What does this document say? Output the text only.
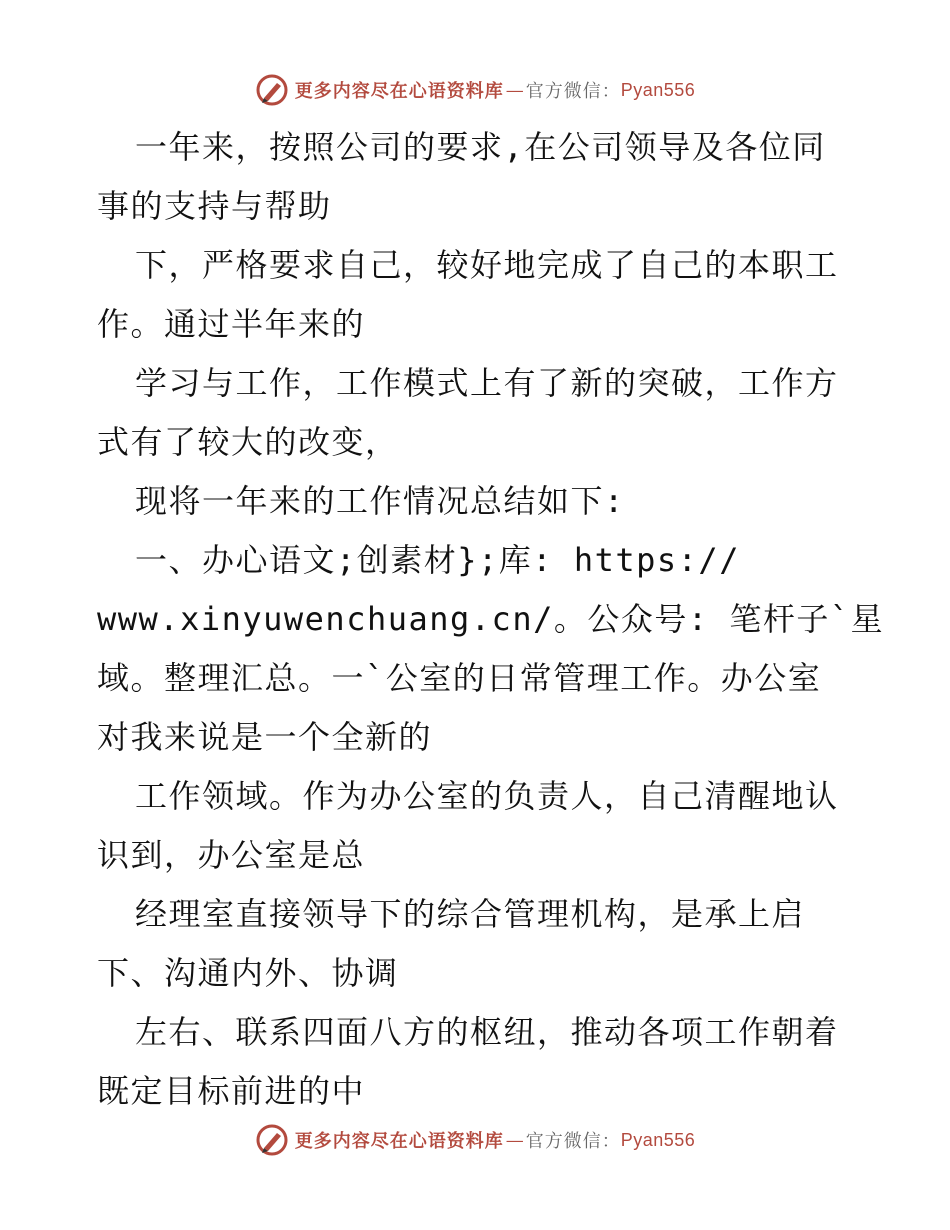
更多内容尽在心语资料库 — 官方微信： Pyan556
一年来，按照公司的要求,在公司领导及各位同
事的支持与帮助
下，严格要求自己，较好地完成了自己的本职工
作。通过半年来的
学习与工作，工作模式上有了新的突破，工作方
式有了较大的改变，
现将一年来的工作情况总结如下:
一、办心语文;创素材};库: https://
www.xinyuwenchuang.cn/。公众号: 笔杆子`星
域。整理汇总。一`公室的日常管理工作。办公室
对我来说是一个全新的
工作领域。作为办公室的负责人，自己清醒地认
识到，办公室是总
经理室直接领导下的综合管理机构，是承上启
下、沟通内外、协调
左右、联系四面八方的枢纽，推动各项工作朝着
既定目标前进的中
更多内容尽在心语资料库 — 官方微信： Pyan556
